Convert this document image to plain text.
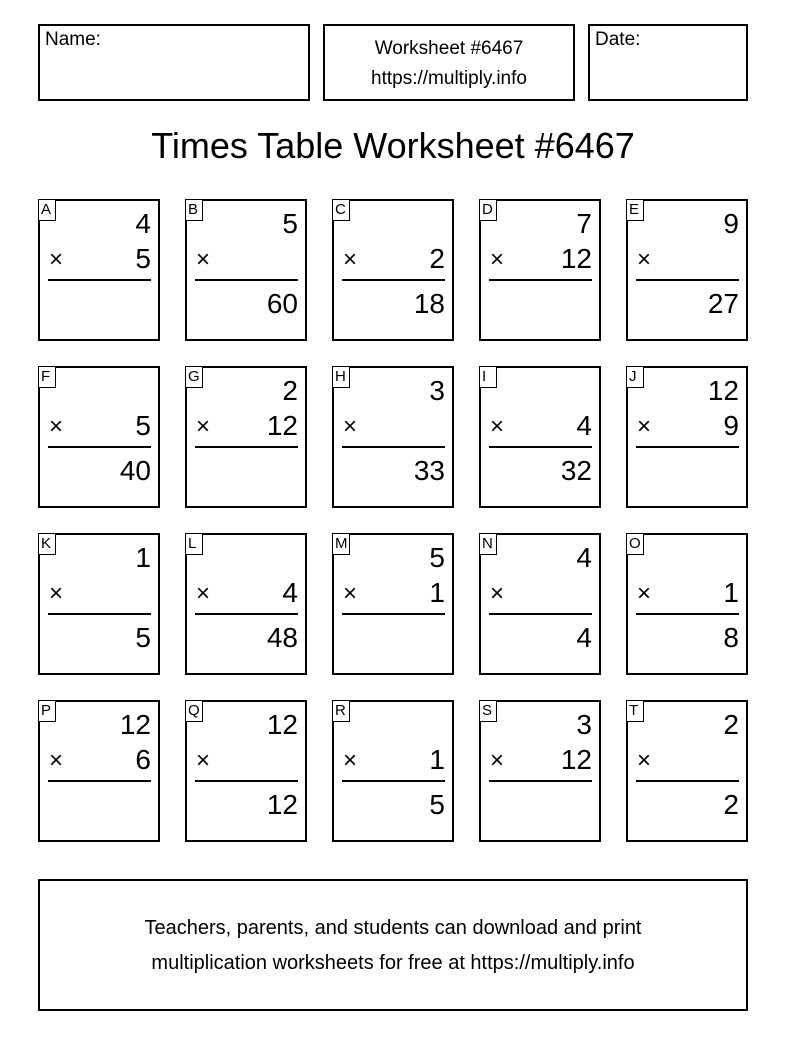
Name:	Worksheet #6467
https://multiply.info
Date:
Times Table Worksheet #6467
A	4
×	5
B	5
×
60
C
×	2
18
D	7
× 12
E	9
×
27
F
×	5
40
G	2
× 12
H	3
×
33
I
×	4
32
J	12
×	9
K	1
×
5
L
×	4
48
M	5
×	1
N	4
×
4
O
×	1
8
P 12
×	6
Q 12
×
12
R
×	1
5
S	3
× 12
T	2
×
2
Teachers, parents, and students can download and print
multiplication worksheets for free at https://multiply.info
